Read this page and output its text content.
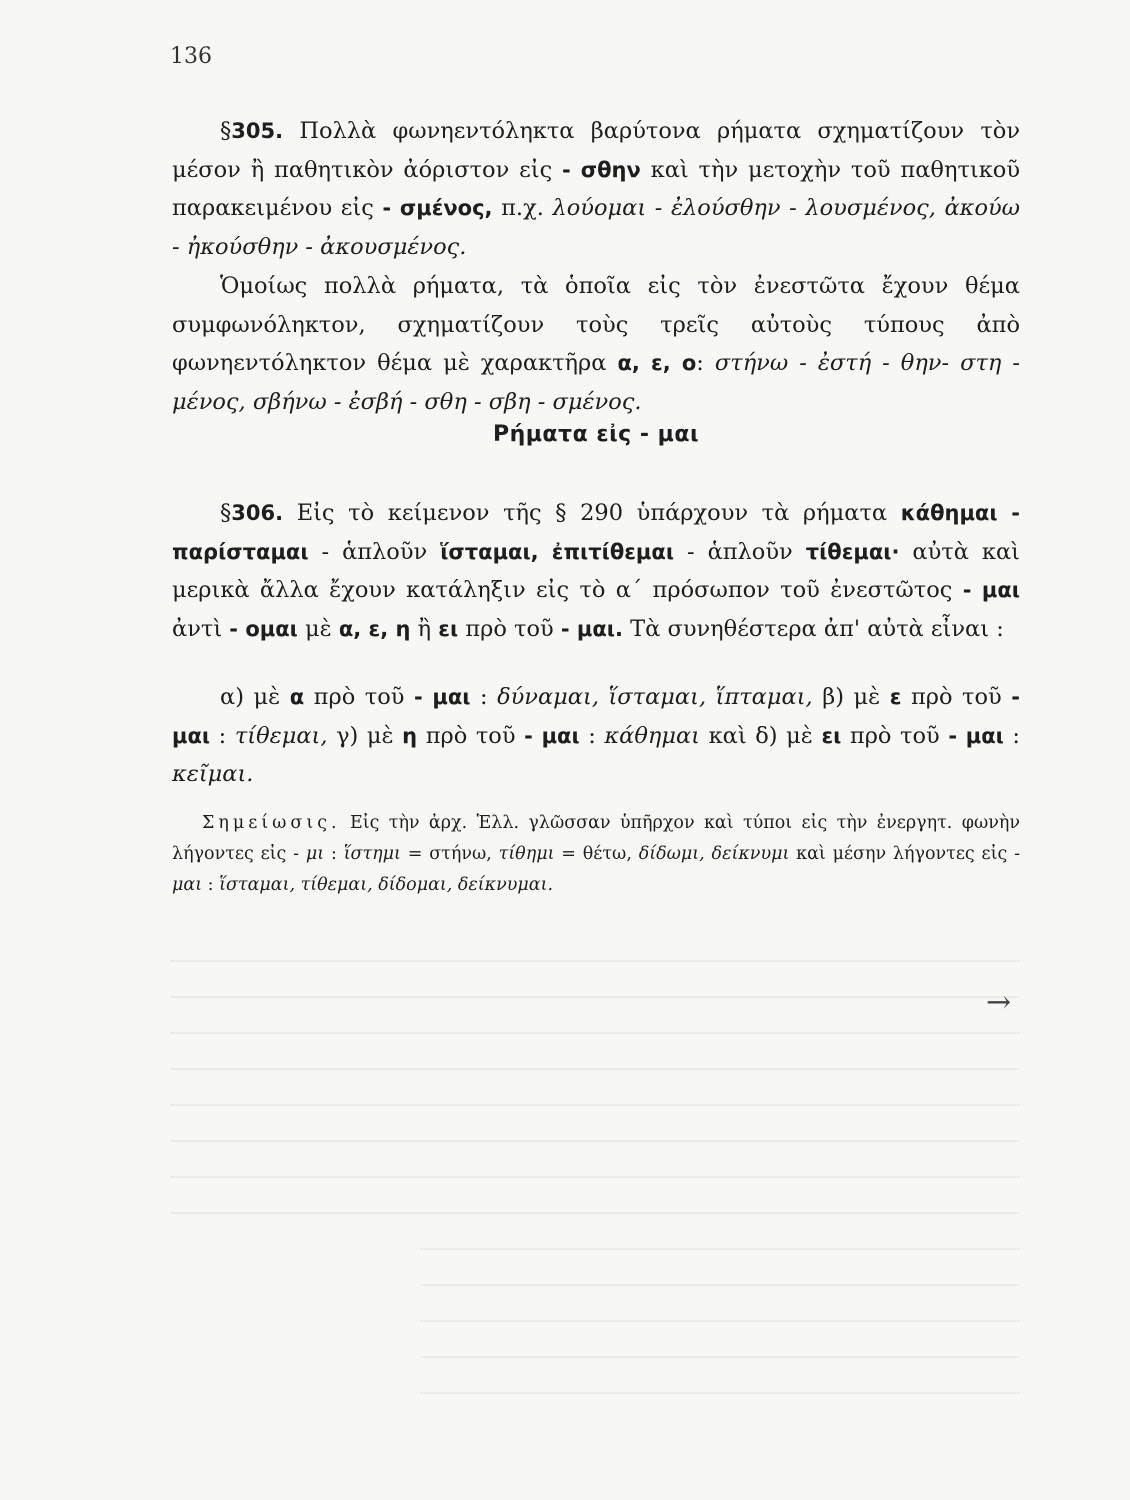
136

§305. Πολλὰ φωνηεντόληκτα βαρύτονα ρήματα σχηματίζουν τὸν μέσον ἢ παθητικὸν ἀόριστον εἰς - σθην καὶ τὴν μετοχὴν τοῦ παθητικοῦ παρακειμένου εἰς - σμένος, π.χ. λούομαι - ἐλούσθην - λουσμένος, ἀκούω - ἠκούσθην - ἀκουσμένος.

Ὁμοίως πολλὰ ρήματα, τὰ ὁποῖα εἰς τὸν ἐνεστῶτα ἔχουν θέμα συμφωνόληκτον, σχηματίζουν τοὺς τρεῖς αὐτοὺς τύπους ἀπὸ φωνηεντόληκτον θέμα μὲ χαρακτῆρα α, ε, ο: στήνω - ἐστή - θην- στη - μένος, σβήνω - ἐσβή - σθη - σβη - σμένος.

Ρήματα εἰς - μαι

§306. Εἰς τὸ κείμενον τῆς § 290 ὑπάρχουν τὰ ρήματα κάθημαι - παρίσταμαι - ἁπλοῦν ἵσταμαι, ἐπιτίθεμαι - ἁπλοῦν τίθεμαι· αὐτὰ καὶ μερικὰ ἄλλα ἔχουν κατάληξιν εἰς τὸ α΄ πρόσωπον τοῦ ἐνεστῶτος - μαι ἀντὶ - ομαι μὲ α, ε, η ἢ ει πρὸ τοῦ - μαι. Τὰ συνηθέστερα ἀπ' αὐτὰ εἶναι :

α) μὲ α πρὸ τοῦ - μαι : δύναμαι, ἵσταμαι, ἵπταμαι, β) μὲ ε πρὸ τοῦ - μαι : τίθεμαι, γ) μὲ η πρὸ τοῦ - μαι : κάθημαι καὶ δ) μὲ ει πρὸ τοῦ - μαι : κεῖμαι.

Σημείωσις. Εἰς τὴν ἀρχ. Ἑλλ. γλῶσσαν ὑπῆρχον καὶ τύποι εἰς τὴν ἐνεργητ. φωνὴν λήγοντες εἰς - μι : ἵστημι = στήνω, τίθημι = θέτω, δίδωμι, δείκνυμι καὶ μέσην λήγοντες εἰς - μαι : ἵσταμαι, τίθεμαι, δίδομαι, δείκνυμαι.

→
